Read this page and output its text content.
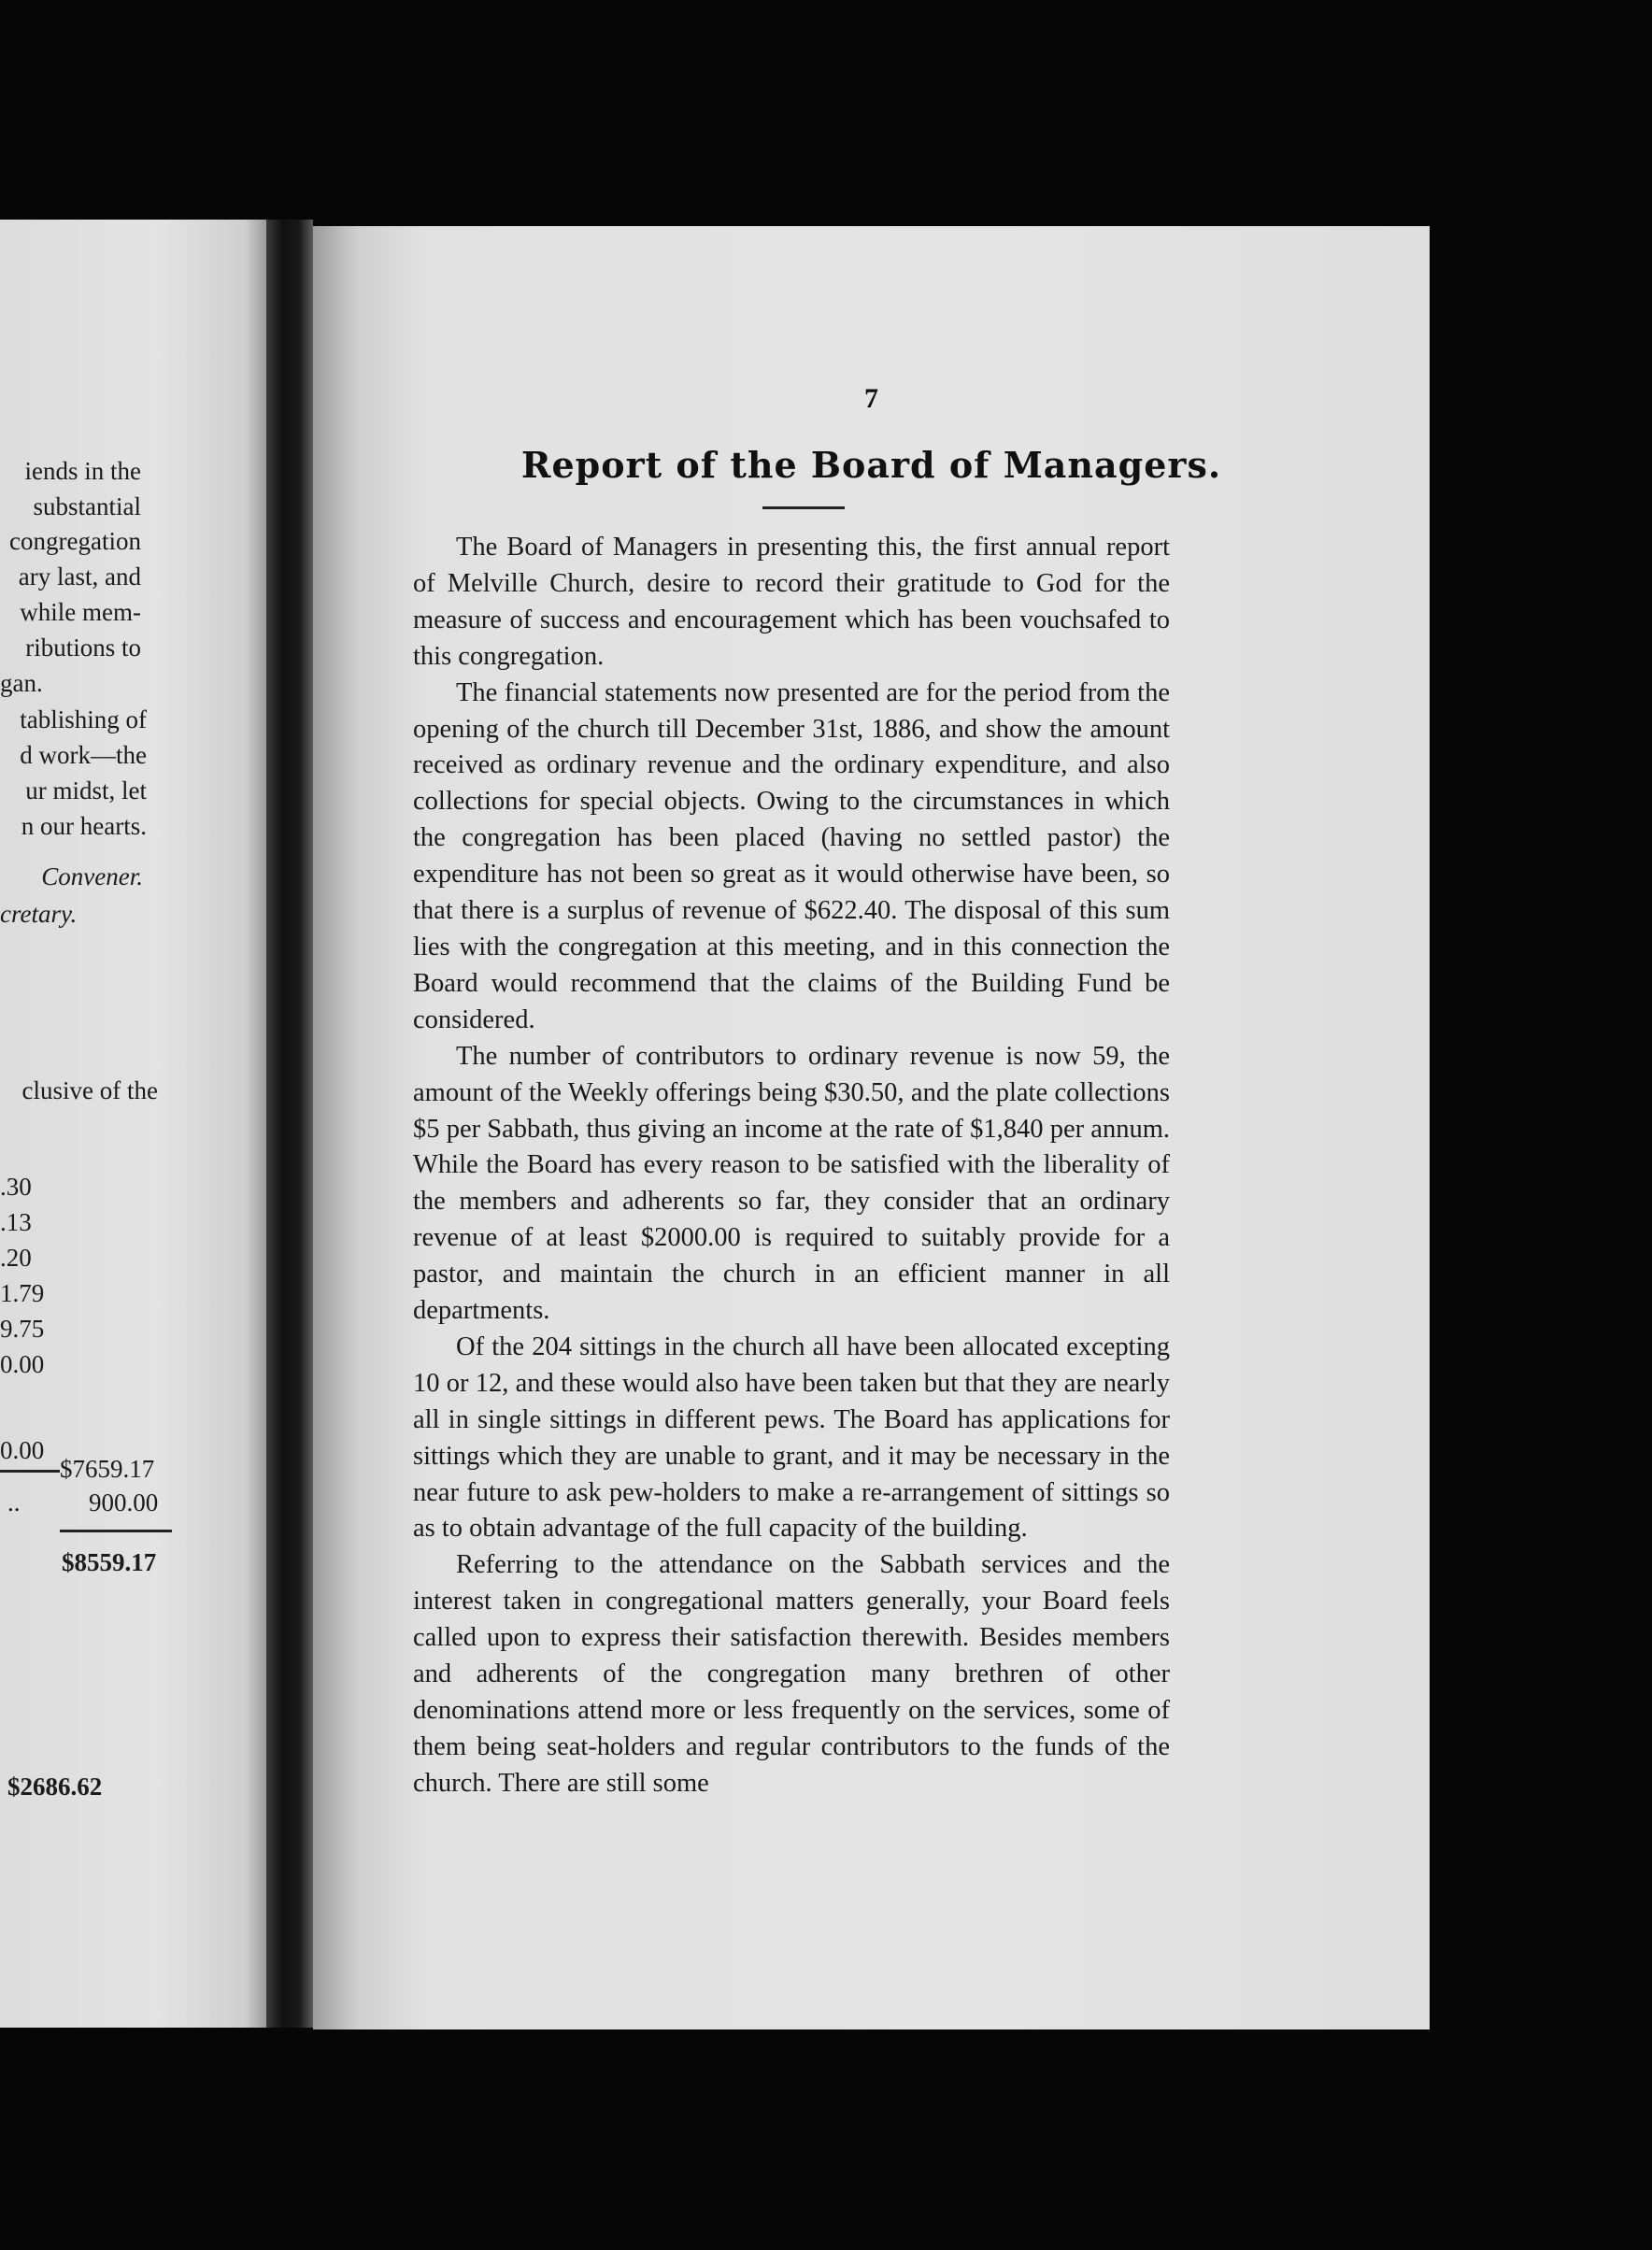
iends in the
substantial
congregation
ary last, and
while mem-
ributions to
gan.
tablishing of
d work—the
ur midst, let
n our hearts.
Convener.
cretary.
clusive of the
.30
.13
.20
1.79
9.75
0.00
0.00
$7659.17
..	900.00
$8559.17
$2686.62
7
Report of the Board of Managers.

The Board of Managers in presenting this, the first annual report of Melville Church, desire to record their gratitude to God for the measure of success and encouragement which has been vouchsafed to this congregation.

The financial statements now presented are for the period from the opening of the church till December 31st, 1886, and show the amount received as ordinary revenue and the ordinary expenditure, and also collections for special objects. Owing to the circumstances in which the congregation has been placed (having no settled pastor) the expenditure has not been so great as it would otherwise have been, so that there is a surplus of revenue of $622.40. The disposal of this sum lies with the congregation at this meeting, and in this connection the Board would recommend that the claims of the Building Fund be considered.

The number of contributors to ordinary revenue is now 59, the amount of the Weekly offerings being $30.50, and the plate collections $5 per Sabbath, thus giving an income at the rate of $1,840 per annum. While the Board has every reason to be satisfied with the liberality of the members and adherents so far, they consider that an ordinary revenue of at least $2000.00 is required to suitably provide for a pastor, and maintain the church in an efficient manner in all departments.

Of the 204 sittings in the church all have been allocated excepting 10 or 12, and these would also have been taken but that they are nearly all in single sittings in different pews. The Board has applications for sittings which they are unable to grant, and it may be necessary in the near future to ask pew-holders to make a re-arrangement of sittings so as to obtain advantage of the full capacity of the building.

Referring to the attendance on the Sabbath services and the interest taken in congregational matters generally, your Board feels called upon to express their satisfaction therewith. Besides members and adherents of the congregation many brethren of other denominations attend more or less frequently on the services, some of them being seat-holders and regular contributors to the funds of the church. There are still some
